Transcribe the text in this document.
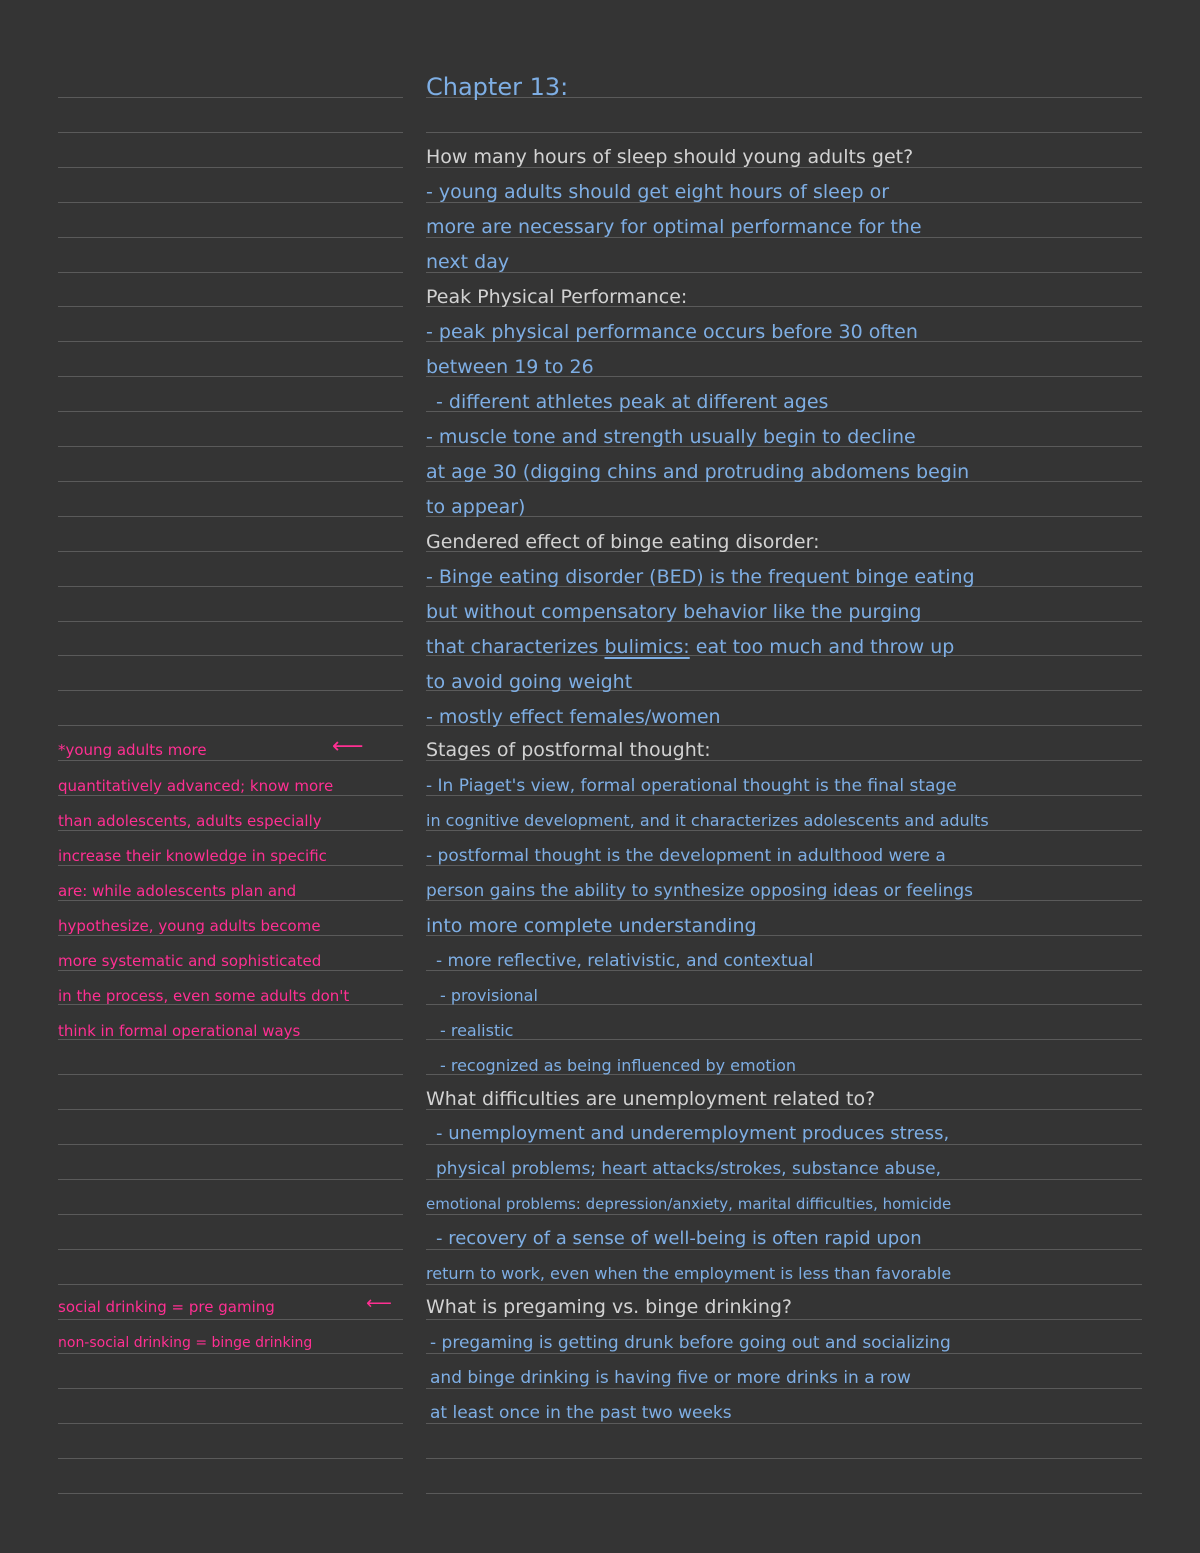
Chapter 13:
How many hours of sleep should young adults get?
- young adults should get eight hours of sleep or
more are necessary for optimal performance for the
next day
Peak Physical Performance:
- peak physical performance occurs before 30 often
between 19 to 26
- different athletes peak at different ages
- muscle tone and strength usually begin to decline
at age 30 (digging chins and protruding abdomens begin
to appear)
Gendered effect of binge eating disorder:
- Binge eating disorder (BED) is the frequent binge eating
but without compensatory behavior like the purging
that characterizes bulimics: eat too much and throw up
to avoid going weight
- mostly effect females/women
Stages of postformal thought:
- In Piaget's view, formal operational thought is the final stage
in cognitive development, and it characterizes adolescents and adults
- postformal thought is the development in adulthood were a
person gains the ability to synthesize opposing ideas or feelings
into more complete understanding
- more reflective, relativistic, and contextual
- provisional
- realistic
- recognized as being influenced by emotion
What difficulties are unemployment related to?
- unemployment and underemployment produces stress,
physical problems; heart attacks/strokes, substance abuse,
emotional problems: depression/anxiety, marital difficulties, homicide
- recovery of a sense of well-being is often rapid upon
return to work, even when the employment is less than favorable
What is pregaming vs. binge drinking?
- pregaming is getting drunk before going out and socializing
and binge drinking is having five or more drinks in a row
at least once in the past two weeks
*young adults more	⟵
quantitatively advanced; know more
than adolescents, adults especially
increase their knowledge in specific
are: while adolescents plan and
hypothesize, young adults become
more systematic and sophisticated
in the process, even some adults don't
think in formal operational ways
social drinking = pre gaming	⟵
non-social drinking = binge drinking
